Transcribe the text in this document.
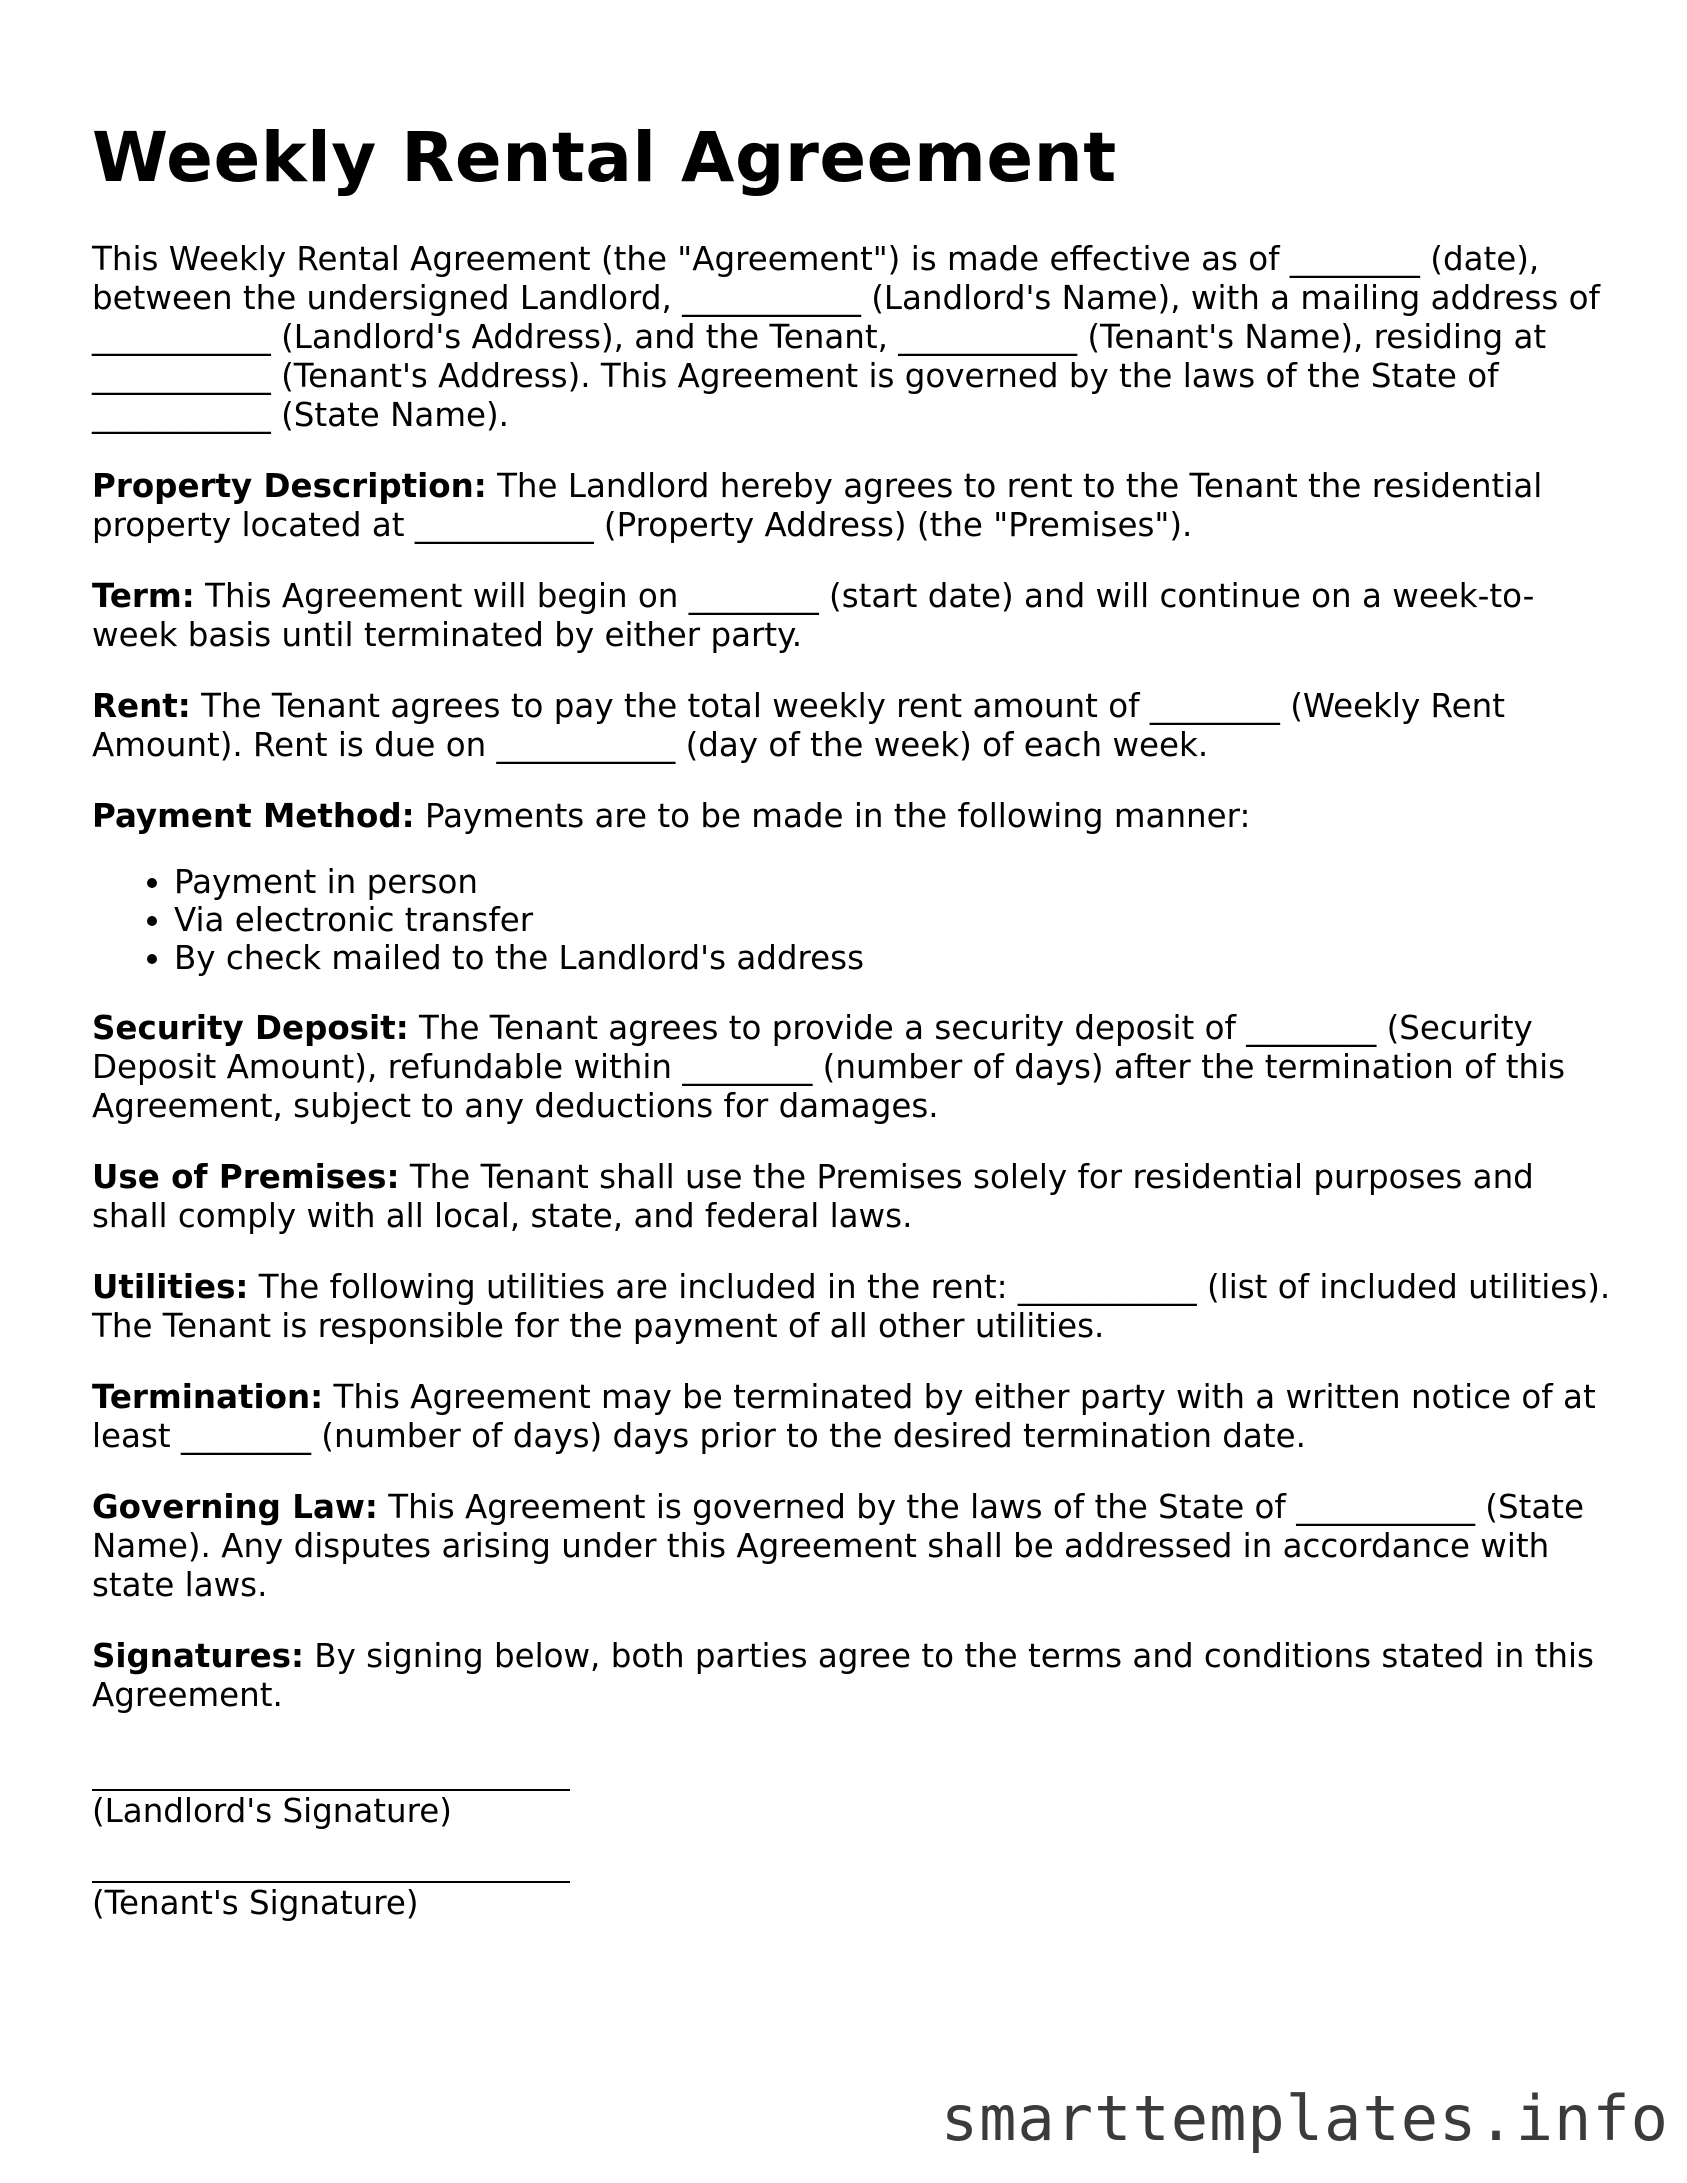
Weekly Rental Agreement

This Weekly Rental Agreement (the "Agreement") is made effective as of ________ (date), between the undersigned Landlord, ___________ (Landlord's Name), with a mailing address of ___________ (Landlord's Address), and the Tenant, ___________ (Tenant's Name), residing at ___________ (Tenant's Address). This Agreement is governed by the laws of the State of ___________ (State Name).

Property Description: The Landlord hereby agrees to rent to the Tenant the residential property located at ___________ (Property Address) (the "Premises").

Term: This Agreement will begin on ________ (start date) and will continue on a week-to-week basis until terminated by either party.

Rent: The Tenant agrees to pay the total weekly rent amount of ________ (Weekly Rent Amount). Rent is due on ___________ (day of the week) of each week.

Payment Method: Payments are to be made in the following manner:

• Payment in person
• Via electronic transfer
• By check mailed to the Landlord's address

Security Deposit: The Tenant agrees to provide a security deposit of ________ (Security Deposit Amount), refundable within ________ (number of days) after the termination of this Agreement, subject to any deductions for damages.

Use of Premises: The Tenant shall use the Premises solely for residential purposes and shall comply with all local, state, and federal laws.

Utilities: The following utilities are included in the rent: ___________ (list of included utilities). The Tenant is responsible for the payment of all other utilities.

Termination: This Agreement may be terminated by either party with a written notice of at least ________ (number of days) days prior to the desired termination date.

Governing Law: This Agreement is governed by the laws of the State of ___________ (State Name). Any disputes arising under this Agreement shall be addressed in accordance with state laws.

Signatures: By signing below, both parties agree to the terms and conditions stated in this Agreement.

(Landlord's Signature)
(Tenant's Signature)
smarttemplates.info
